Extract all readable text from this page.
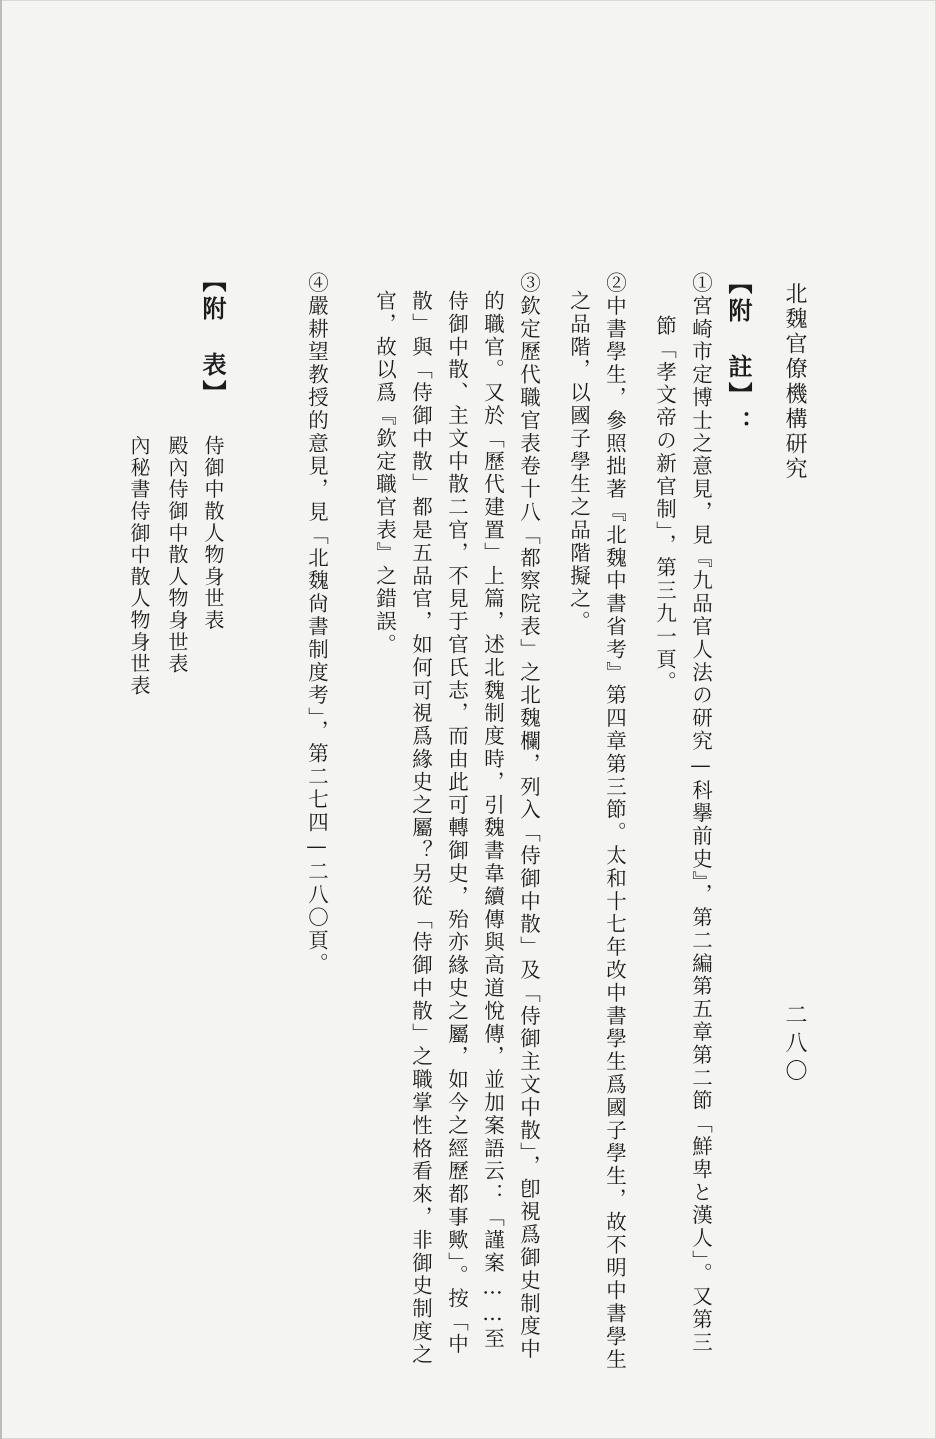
北魏官僚機構研究
二八〇
【附　註】：
①宮崎市定博士之意見，見『九品官人法の研究—科擧前史』，第二編第五章第二節「鮮卑と漢人」。又第三
節「孝文帝の新官制」，第三九一頁。
②中書學生，參照拙著『北魏中書省考』第四章第三節。太和十七年改中書學生爲國子學生，故不明中書學生
之品階，以國子學生之品階擬之。
③欽定歷代職官表卷十八「都察院表」之北魏欄，列入「侍御中散」及「侍御主文中散」，卽視爲御史制度中
的職官。又於「歷代建置」上篇，述北魏制度時，引魏書韋續傳與高道悅傳，並加案語云：「謹案……至
侍御中散、主文中散二官，不見于官氏志，而由此可轉御史，殆亦緣史之屬，如今之經歷都事歟」。按「中
散」與「侍御中散」都是五品官，如何可視爲緣史之屬？另從「侍御中散」之職掌性格看來，非御史制度之
官，故以爲『欽定職官表』之錯誤。
④嚴耕望教授的意見，見「北魏尙書制度考」，第二七四—二八〇頁。
【附　表】
侍御中散人物身世表
殿內侍御中散人物身世表
內秘書侍御中散人物身世表
